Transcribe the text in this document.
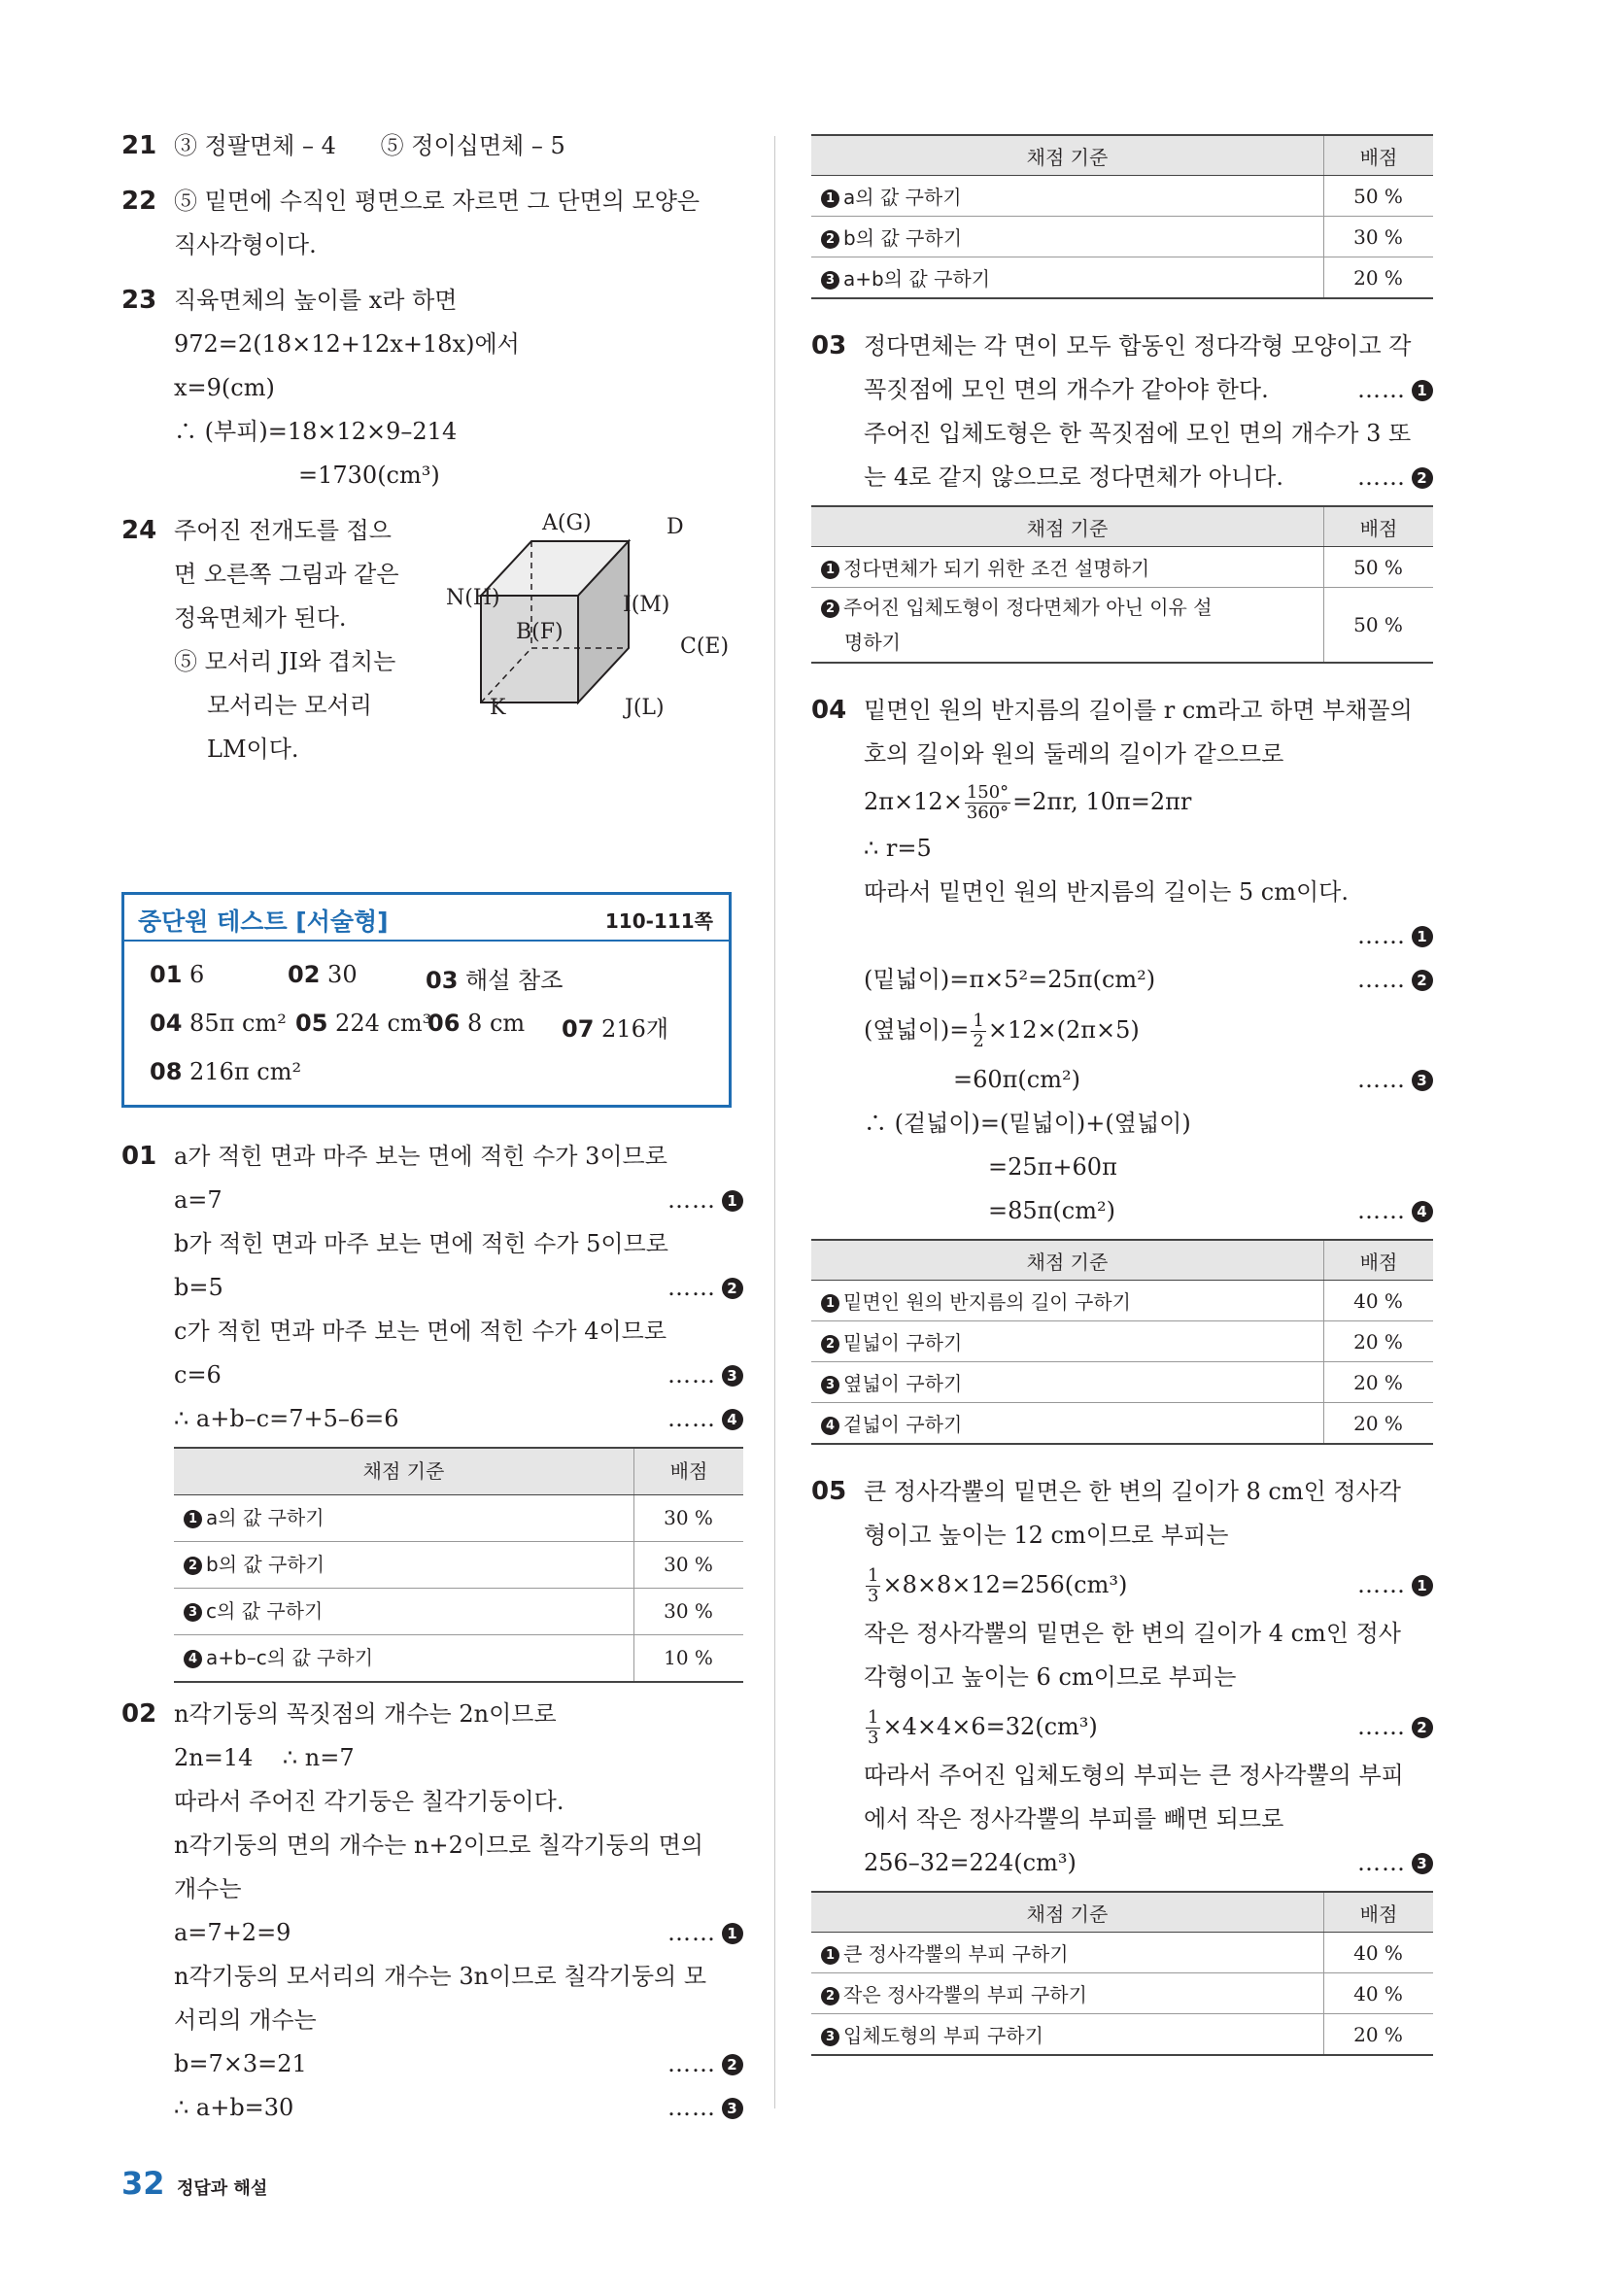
21 ③ 정팔면체 – 4      ⑤ 정이십면체 – 5
22 ⑤ 밑면에 수직인 평면으로 자르면 그 단면의 모양은
직사각형이다.
23 직육면체의 높이를 x라 하면
972=2(18×12+12x+18x)에서
x=9(cm)
∴ (부피)=18×12×9–214
=1730(cm³)
24 주어진 전개도를 접으
면 오른쪽 그림과 같은
정육면체가 된다.
⑤ 모서리 JI와 겹치는
모서리는 모서리
LM이다.
A(G)	D
N(H)	I(M)
B(F)
C(E)
K	J(L)
중단원 테스트 [서술형]	110-111쪽
01 6	02 30	03 해설 참조
04 85π cm² 05 224 cm³
06 8 cm 07 216개
08 216π cm²
01 a가 적힌 면과 마주 보는 면에 적힌 수가 3이므로
a=7	…… 1
b가 적힌 면과 마주 보는 면에 적힌 수가 5이므로
b=5	…… 2
c가 적힌 면과 마주 보는 면에 적힌 수가 4이므로
c=6	…… 3
∴ a+b–c=7+5–6=6	…… 4
채점 기준	배점
1 a의 값 구하기	30 %
2 b의 값 구하기	30 %
3 c의 값 구하기	30 %
4 a+b–c의 값 구하기	10 %
02 n각기둥의 꼭짓점의 개수는 2n이므로
2n=14    ∴ n=7
따라서 주어진 각기둥은 칠각기둥이다.
n각기둥의 면의 개수는 n+2이므로 칠각기둥의 면의
개수는
a=7+2=9	…… 1
n각기둥의 모서리의 개수는 3n이므로 칠각기둥의 모
서리의 개수는
b=7×3=21	…… 2
∴ a+b=30	…… 3
채점 기준	배점
1 a의 값 구하기	50 %
2 b의 값 구하기	30 %
3 a+b의 값 구하기	20 %
03 정다면체는 각 면이 모두 합동인 정다각형 모양이고 각
꼭짓점에 모인 면의 개수가 같아야 한다.	…… 1
주어진 입체도형은 한 꼭짓점에 모인 면의 개수가 3 또
는 4로 같지 않으므로 정다면체가 아니다.	…… 2
채점 기준	배점
1 정다면체가 되기 위한 조건 설명하기	50 %
2 주어진 입체도형이 정다면체가 아닌 이유 설
명하기	50 %
04 밑면인 원의 반지름의 길이를 r cm라고 하면 부채꼴의
호의 길이와 원의 둘레의 길이가 같으므로
$2\pi\times 12\times \frac{150^\circ}{360^\circ} =2\pi r$, 10π=2πr
∴ r=5
따라서 밑면인 원의 반지름의 길이는 5 cm이다.
…… 1

(밑넓이)=π×5²=25π(cm²)	…… 2
(옆넓이)= $\frac{1}{2} \times 12\times(2\pi\times 5)$
=60π(cm²)	…… 3
∴ (겉넓이)=(밑넓이)+(옆넓이)
=25π+60π
=85π(cm²)	…… 4
채점 기준	배점
1 밑면인 원의 반지름의 길이 구하기	40 %
2 밑넓이 구하기	20 %
3 옆넓이 구하기	20 %
4 겉넓이 구하기	20 %
05 큰 정사각뿔의 밑면은 한 변의 길이가 8 cm인 정사각
형이고 높이는 12 cm이므로 부피는
$\frac{1}{3} \times 8\times 8\times 12=256(cm^3)$	…… 1
작은 정사각뿔의 밑면은 한 변의 길이가 4 cm인 정사
각형이고 높이는 6 cm이므로 부피는
$\frac{1}{3} \times 4\times 4\times 6=32(cm^3)$	…… 2
따라서 주어진 입체도형의 부피는 큰 정사각뿔의 부피
에서 작은 정사각뿔의 부피를 빼면 되므로
256–32=224(cm³)	…… 3
채점 기준	배점
1 큰 정사각뿔의 부피 구하기	40 %
2 작은 정사각뿔의 부피 구하기	40 %
3 입체도형의 부피 구하기	20 %
32 정답과 해설
